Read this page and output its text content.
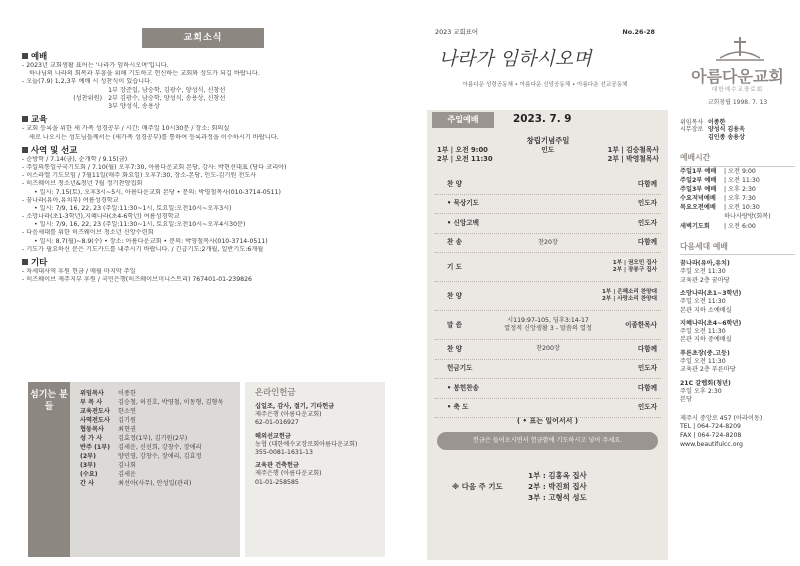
교회소식
예배
- 2023년 교회생활 표어는 '나라가 임하시오며'입니다.
하나님의 나라의 회복과 부흥을 위해 기도하고 헌신하는 교회와 성도가 되길 바랍니다.
- 오늘(7.9) 1,2,3부 예배 시 성찬식이 있습니다.
1부 장준일, 남승학, 김광수, 양성식, 신창선
(성찬위원) 2부 김광수, 남승학, 양성식, 송용상, 신창선
3부 양성식, 송용상
교육
- 교회 등록을 위한 새 가족 성경공부 / 시간: 매주일 10시30분 / 장소: 회의실
새로 나오시는 성도님들께서는 (새가족 성경공부)를 통하여 등록과정을 이수하시기 바랍니다.
사역 및 선교
- 순방학 / 7.14(금), 순개학 / 9.15(금)
- 주일의통일구국기도회 / 7.10(월) 오후7:30, 아름다운교회 본당, 강사: 박현선대표 (당다 코리아)
- 이스라엘 기도모임 / 7월11일(매주 화요일) 오후7:30, 장소-본당, 인도-김기원 전도사
- 히즈웨이브 청소년&청년 7월 정기찬양집회
• 일시: 7.15(토), 오후3시~5시, 아름다운교회 본당 • 문의: 박영철목사(010-3714-0511)
- 꿈나라(유아,유치부) 여름성경학교
• 일시: 7/9, 16, 22, 23 (주일:11:30~1시, 토요일:오전10시~오후3시)
- 소망나라(초1-3학년),지혜나라(초4-6학년) 여름성경학교
• 일시: 7/9, 16, 22, 23 (주일:11:30~1시, 토요일:오전10시~오후4시30분)
- 다음세대를 위한 히즈웨이브 청소년 신앙수련회
• 일시: 8.7(월)~8.9(수) • 장소: 아름다운교회 • 문의: 박영철목사(010-3714-0511)
- 기도가 필요하신 분은 기도카드를 내주시기 바랍니다. / 긴급기도:2개월, 일반기도:6개월
기타
- 차세대사역 후원 헌금 / 매월 마지막 주일
- 히즈웨이브 제주지부 후원 / 국민은행(히즈웨이브미니스트리) 767401-01-239826
섬기는 분들
위임목사	이종한
부 목 사	김승철, 허진호, 박영철, 이동형, 김형욱
교육전도사	한소연
사역전도사	김기원
협동목사	최현권
성 가 사	김효정(1부), 김기원(2부)
반주 (1부)	김세운, 신선희, 강창수, 장애리
(2부)	양민영, 강창수, 장애리, 김효정
(3부)	김나회
(수요)	김세운
간 사	최선아(사무), 안성일(관리)
온라인헌금
십일조, 감사, 절기, 기타헌금
제주은행 (아름다운교회)
62-01-016927
해외선교헌금
농협 (대한예수교장로회아름다운교회)
355-0081-1631-13
교육관 건축헌금
제주은행 (아름다운교회)
01-01-258585
2023 교회표어	No.26-28
나라가 임하시오며
아름다운 성령공동체 • 아름다운 신앙공동체 • 아름다운 선교공동체
주일예배	2023. 7. 9
창립기념주일
1부 | 오전 9:00	인도	1부 | 김승철목사
2부 | 오전 11:30	2부 | 박영철목사
찬 양	다함께
• 묵상기도	인도자
• 신앙고백	인도자
찬 송	찬20장	다함께
기 도	1부 | 권오민 집사
2부 | 장봉구 집사
찬 양	1부 | 은혜소리 찬양대
2부 | 사랑소리 찬양대
말 씀
시119:97-105, 딤후3:14-17
열정적 신앙생활 3 - 말씀의 열정	이종한목사
찬 양	찬200장	다함께
헌금기도	인도자
• 봉헌찬송	다함께
• 축 도	인도자
( • 표는 일어서서 )
헌금은 들어오시면서 헌금함에 기도하시고 넣어 주세요.
※ 다음 주 기도
1부 : 김홍옥 집사
2부 : 박진희 집사
3부 : 고형석 성도
아름다운교회
대한예수교장로회
교회창립 1998. 7. 13
위임목사 이종한
시무장로 양성식 김용옥
김인종 송용상
예배시간
주일1부 예배	| 오전 9:00
주일2부 예배	| 오전 11:30
주일3부 예배	| 오후 2:30
수요저녁예배	| 오후 7:30
목요오전예배	| 오전 10:30
하나사랑방(회복)
새벽기도회	| 오전 6:00
다음세대 예배
꿈나라(유아,유치)
주일 오전 11:30
교육관 2층 꿈마당
소망나라(초1~3학년)
주일 오전 11:30
본관 지하 소예배실
지혜나라(초4~6학년)
주일 오전 11:30
본관 지하 중예배실
푸른초장(중.고등)
주일 오전 11:30
교육관 2층 푸른마당
21C 갈렙회(청년)
주일 오후 2:30
본당
제주시 중앙로 457 (아라이동)
TEL | 064-724-8209
FAX | 064-724-8208
www.beautifulcc.org
